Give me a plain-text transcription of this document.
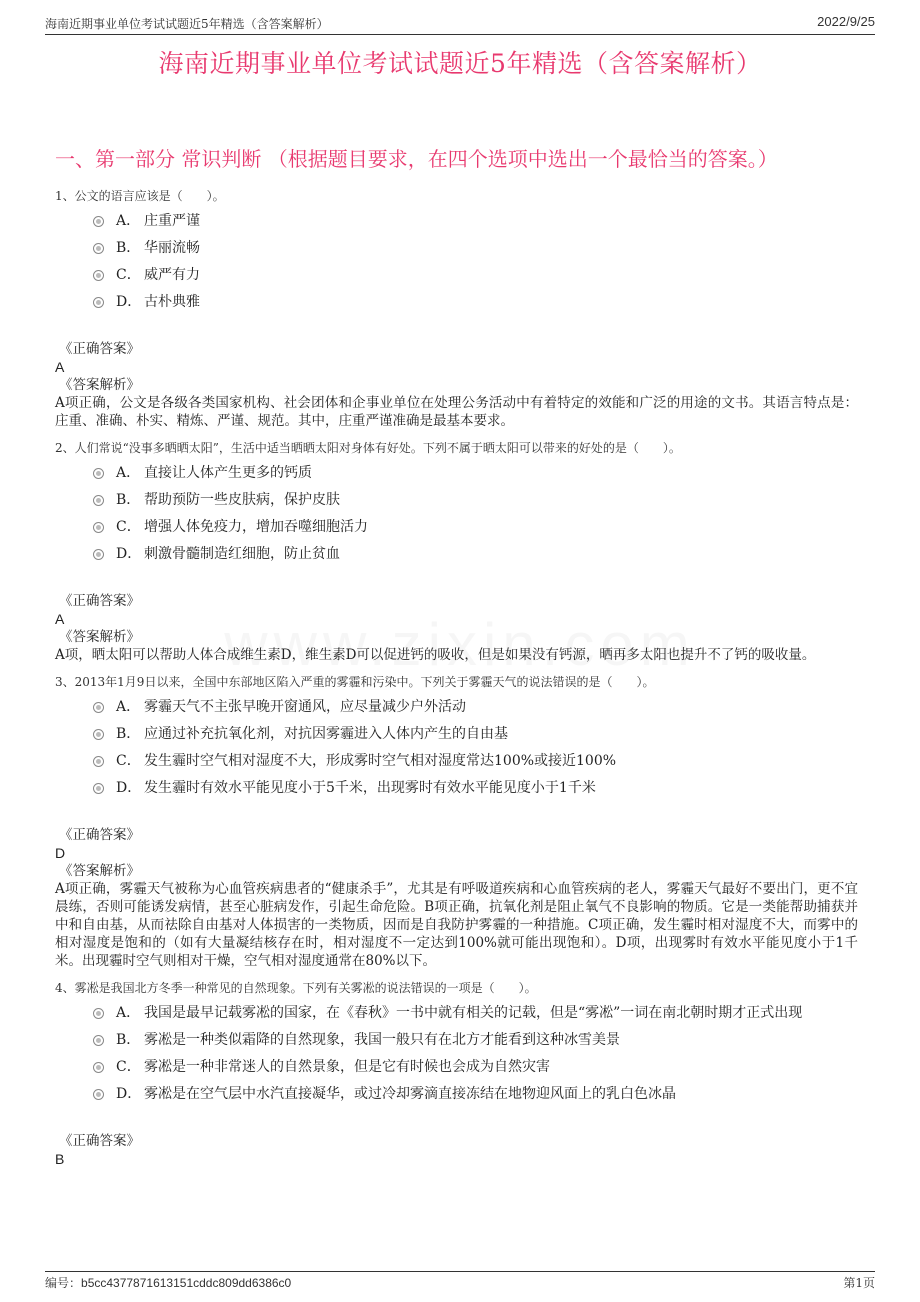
海南近期事业单位考试试题近5年精选（含答案解析）	2022/9/25
海南近期事业单位考试试题近5年精选（含答案解析）
一、第一部分 常识判断 （根据题目要求，在四个选项中选出一个最恰当的答案。）
1、公文的语言应该是（　　）。
A． 庄重严谨
B． 华丽流畅
C． 威严有力
D． 古朴典雅
《正确答案》
A
《答案解析》
A项正确，公文是各级各类国家机构、社会团体和企事业单位在处理公务活动中有着特定的效能和广泛的用途的文书。其语言特点是：庄重、准确、朴实、精炼、严谨、规范。其中，庄重严谨准确是最基本要求。
2、人们常说“没事多晒晒太阳”，生活中适当晒晒太阳对身体有好处。下列不属于晒太阳可以带来的好处的是（　　）。
A． 直接让人体产生更多的钙质
B． 帮助预防一些皮肤病，保护皮肤
C． 增强人体免疫力，增加吞噬细胞活力
D． 刺激骨髓制造红细胞，防止贫血
《正确答案》
A
《答案解析》
A项，晒太阳可以帮助人体合成维生素D，维生素D可以促进钙的吸收，但是如果没有钙源，晒再多太阳也提升不了钙的吸收量。
3、2013年1月9日以来，全国中东部地区陷入严重的雾霾和污染中。下列关于雾霾天气的说法错误的是（　　）。
A． 雾霾天气不主张早晚开窗通风，应尽量减少户外活动
B． 应通过补充抗氧化剂，对抗因雾霾进入人体内产生的自由基
C． 发生霾时空气相对湿度不大，形成雾时空气相对湿度常达100%或接近100%
D． 发生霾时有效水平能见度小于5千米，出现雾时有效水平能见度小于1千米
《正确答案》
D
《答案解析》
A项正确，雾霾天气被称为心血管疾病患者的“健康杀手”，尤其是有呼吸道疾病和心血管疾病的老人，雾霾天气最好不要出门，更不宜晨练，否则可能诱发病情，甚至心脏病发作，引起生命危险。B项正确，抗氧化剂是阻止氧气不良影响的物质。它是一类能帮助捕获并中和自由基，从而祛除自由基对人体损害的一类物质，因而是自我防护雾霾的一种措施。C项正确，发生霾时相对湿度不大，而雾中的相对湿度是饱和的（如有大量凝结核存在时，相对湿度不一定达到100%就可能出现饱和）。D项，出现雾时有效水平能见度小于1千米。出现霾时空气则相对干燥，空气相对湿度通常在80%以下。
4、雾凇是我国北方冬季一种常见的自然现象。下列有关雾凇的说法错误的一项是（　　）。
A． 我国是最早记载雾凇的国家，在《春秋》一书中就有相关的记载，但是“雾凇”一词在南北朝时期才正式出现
B． 雾凇是一种类似霜降的自然现象，我国一般只有在北方才能看到这种冰雪美景
C． 雾凇是一种非常迷人的自然景象，但是它有时候也会成为自然灾害
D． 雾凇是在空气层中水汽直接凝华，或过冷却雾滴直接冻结在地物迎风面上的乳白色冰晶
《正确答案》
B
编号：b5cc4377871613151cddc809dd6386c0	第1页
